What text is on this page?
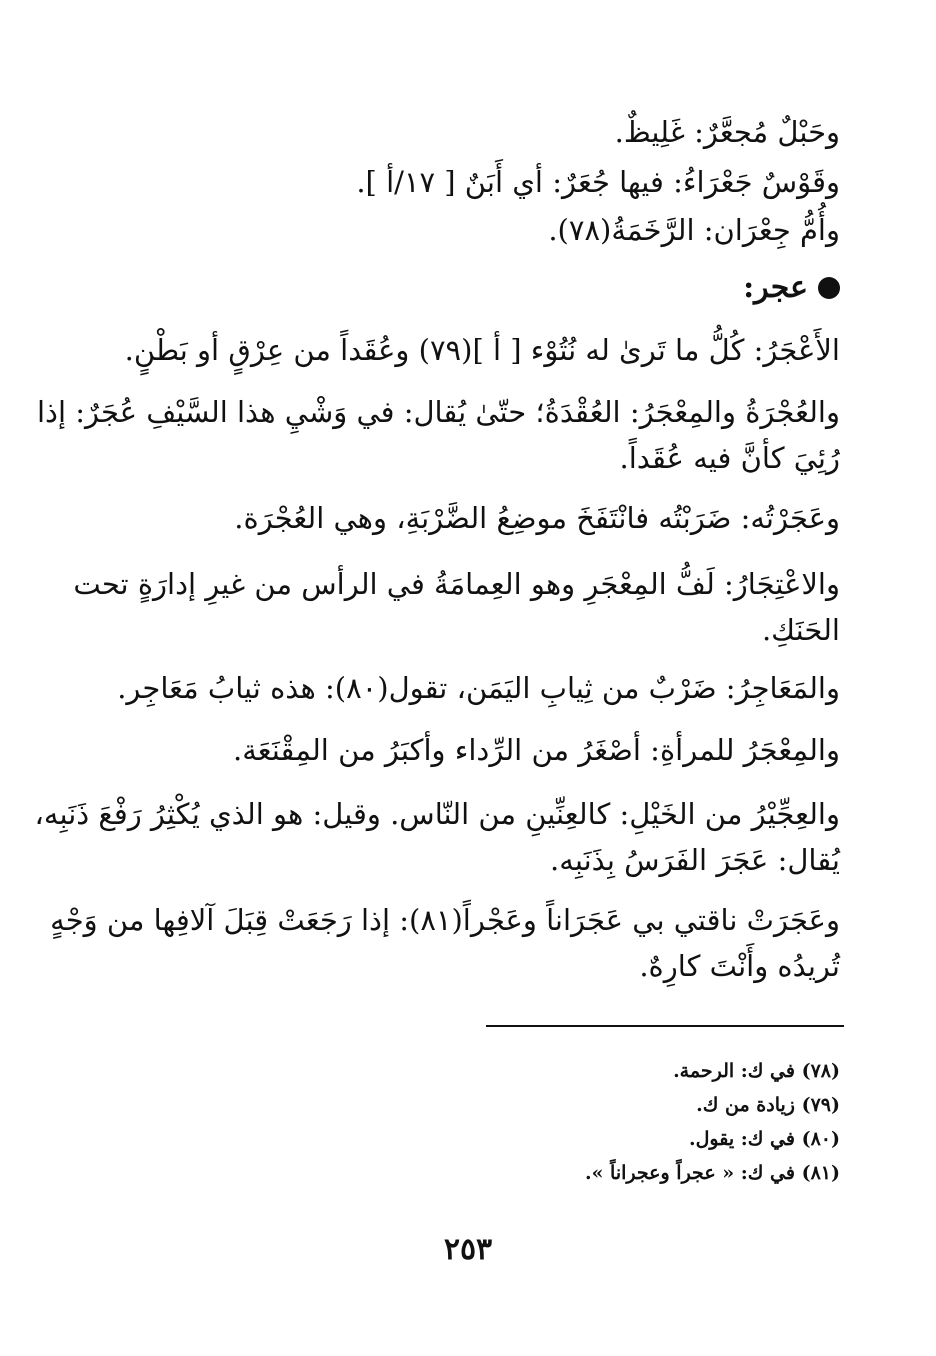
وحَبْلٌ مُجعَّرٌ: غَلِيظٌ.
وقَوْسٌ جَعْرَاءُ: فيها جُعَرٌ: أي أَبَنٌ [ ١٧/أ ].
وأُمُّ جِعْرَان: الرَّخَمَةُ(٧٨).
عجر:
الأَعْجَرُ: كُلُّ ما تَرىٰ له نُتُوْء [ أ ](٧٩) وعُقَداً من عِرْقٍ أو بَطْنٍ.
والعُجْرَةُ والمِعْجَرُ: العُقْدَةُ؛ حتّىٰ يُقال: في وَشْيِ هذا السَّيْفِ عُجَرٌ: إذا
رُئِيَ كأنَّ فيه عُقَداً.
وعَجَرْتُه: ضَرَبْتُه فانْتَفَخَ موضِعُ الضَّرْبَةِ، وهي العُجْرَة.
والاعْتِجَارُ: لَفُّ المِعْجَرِ وهو العِمامَةُ في الرأس من غيرِ إدارَةٍ تحت
الحَنَكِ.
والمَعَاجِرُ: ضَرْبٌ من ثِيابِ اليَمَن، تقول(٨٠): هذه ثيابُ مَعَاجِر.
والمِعْجَرُ للمرأةِ: أصْغَرُ من الرِّداء وأكبَرُ من المِقْنَعَة.
والعِجِّيْرُ من الخَيْلِ: كالعِنِّينِ من النّاس. وقيل: هو الذي يُكْثِرُ رَفْعَ ذَنَبِه،
يُقال: عَجَرَ الفَرَسُ بِذَنَبِه.
وعَجَرَتْ ناقتي بي عَجَرَاناً وعَجْراً(٨١): إذا رَجَعَتْ قِبَلَ آلافِها من وَجْهٍ
تُريدُه وأَنْتَ كارِهٌ.
(٧٨) في ك: الرحمة.
(٧٩) زيادة من ك.
(٨٠) في ك: يقول.
(٨١) في ك: « عجراً وعجراناً ».
٢٥٣
